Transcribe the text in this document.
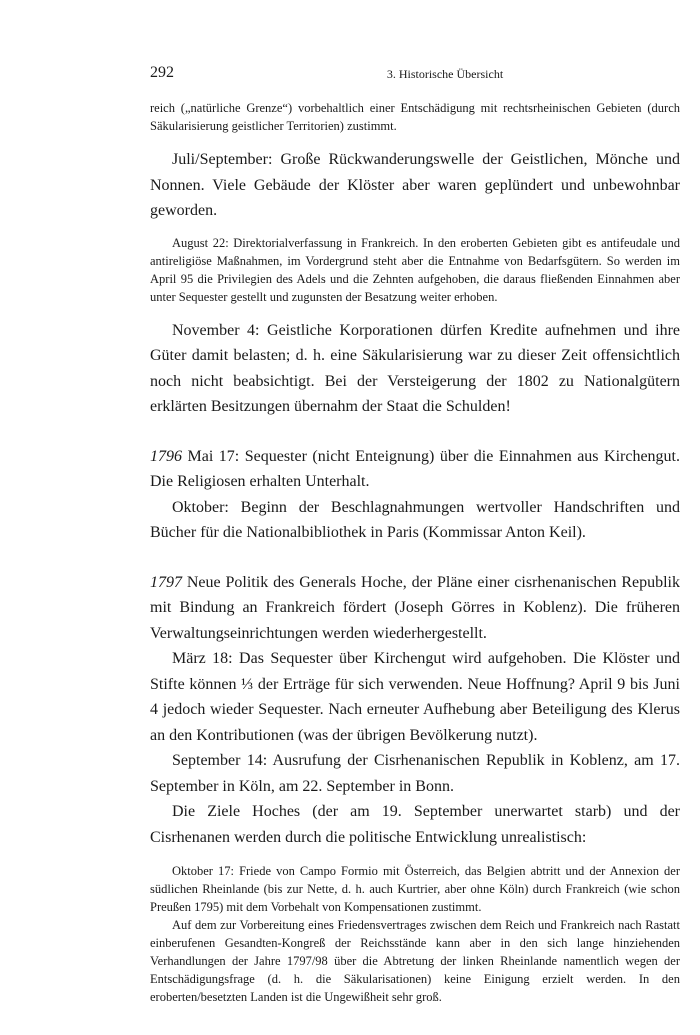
292	3. Historische Übersicht

reich („natürliche Grenze“) vorbehaltlich einer Entschädigung mit rechtsrheinischen Gebieten (durch Säkularisierung geistlicher Territorien) zustimmt.

Juli/September: Große Rückwanderungswelle der Geistlichen, Mönche und Nonnen. Viele Gebäude der Klöster aber waren geplündert und unbewohnbar geworden.

August 22: Direktorialverfassung in Frankreich. In den eroberten Gebieten gibt es antifeudale und antireligiöse Maßnahmen, im Vordergrund steht aber die Entnahme von Bedarfsgütern. So werden im April 95 die Privilegien des Adels und die Zehnten aufgehoben, die daraus fließenden Einnahmen aber unter Sequester gestellt und zugunsten der Besatzung weiter erhoben.

November 4: Geistliche Korporationen dürfen Kredite aufnehmen und ihre Güter damit belasten; d. h. eine Säkularisierung war zu dieser Zeit offensichtlich noch nicht beabsichtigt. Bei der Versteigerung der 1802 zu Nationalgütern erklärten Besitzungen übernahm der Staat die Schulden!

1796 Mai 17: Sequester (nicht Enteignung) über die Einnahmen aus Kirchengut. Die Religiosen erhalten Unterhalt.

Oktober: Beginn der Beschlagnahmungen wertvoller Handschriften und Bücher für die Nationalbibliothek in Paris (Kommissar Anton Keil).

1797 Neue Politik des Generals Hoche, der Pläne einer cisrhenanischen Republik mit Bindung an Frankreich fördert (Joseph Görres in Koblenz). Die früheren Verwaltungseinrichtungen werden wiederhergestellt.

März 18: Das Sequester über Kirchengut wird aufgehoben. Die Klöster und Stifte können ⅓ der Erträge für sich verwenden. Neue Hoffnung? April 9 bis Juni 4 jedoch wieder Sequester. Nach erneuter Aufhebung aber Beteiligung des Klerus an den Kontributionen (was der übrigen Bevölkerung nutzt).

September 14: Ausrufung der Cisrhenanischen Republik in Koblenz, am 17. September in Köln, am 22. September in Bonn.

Die Ziele Hoches (der am 19. September unerwartet starb) und der Cisrhenanen werden durch die politische Entwicklung unrealistisch:

Oktober 17: Friede von Campo Formio mit Österreich, das Belgien abtritt und der Annexion der südlichen Rheinlande (bis zur Nette, d. h. auch Kurtrier, aber ohne Köln) durch Frankreich (wie schon Preußen 1795) mit dem Vorbehalt von Kompensationen zustimmt.

Auf dem zur Vorbereitung eines Friedensvertrages zwischen dem Reich und Frankreich nach Rastatt einberufenen Gesandten-Kongreß der Reichsstände kann aber in den sich lange hinziehenden Verhandlungen der Jahre 1797/98 über die Abtretung der linken Rheinlande namentlich wegen der Entschädigungsfrage (d. h. die Säkularisationen) keine Einigung erzielt werden. In den eroberten/besetzten Landen ist die Ungewißheit sehr groß.
